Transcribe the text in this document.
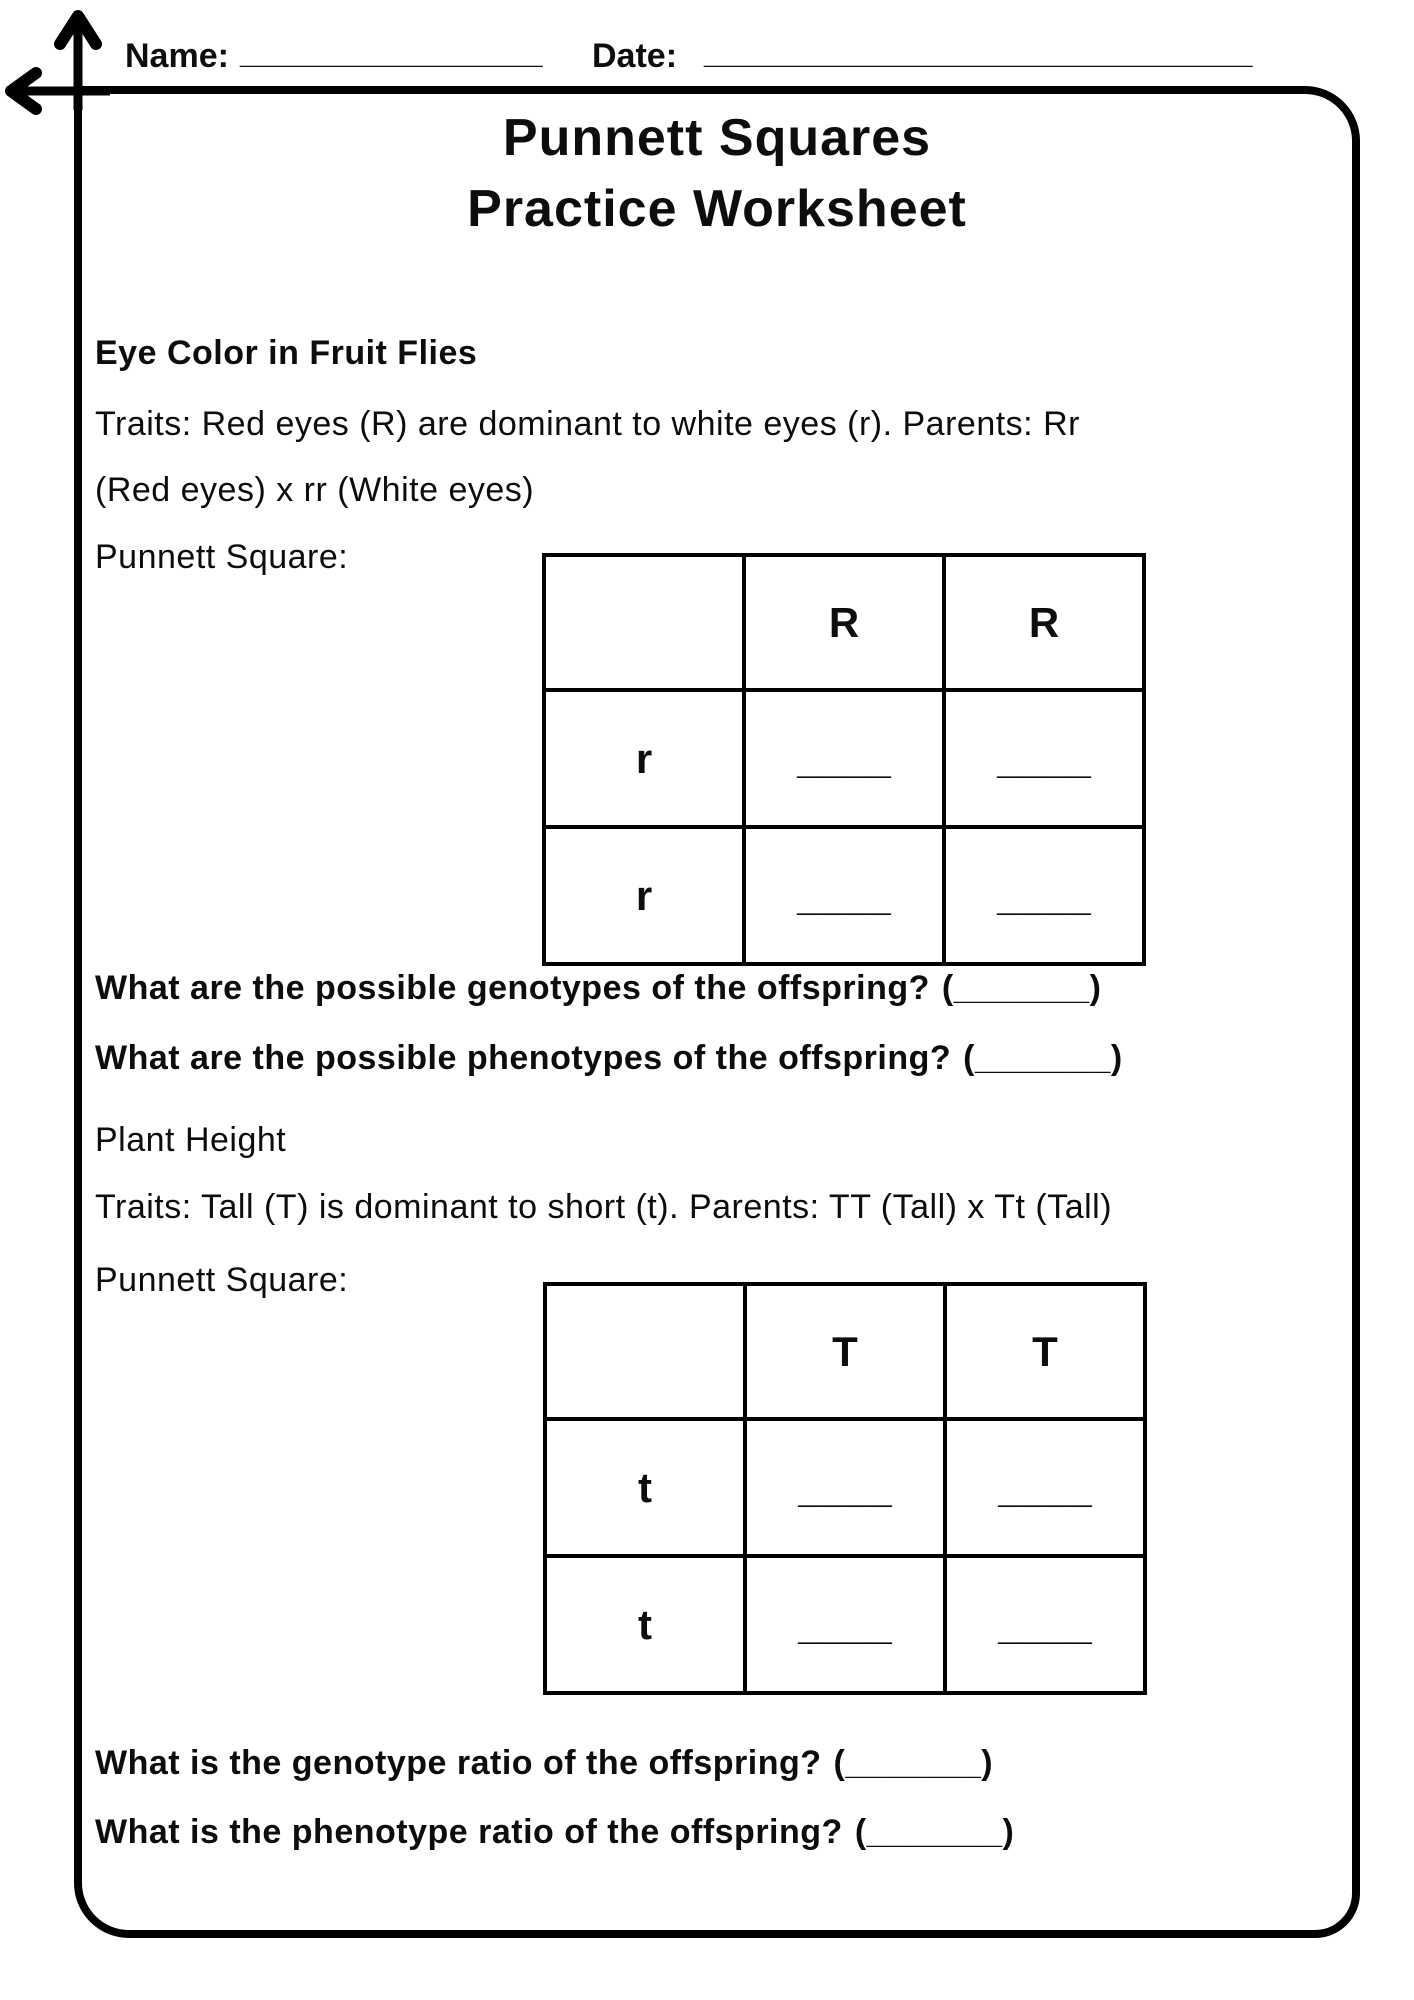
Name: ________________ Date: _____________________________
Punnett Squares
Practice Worksheet
Eye Color in Fruit Flies
Traits: Red eyes (R) are dominant to white eyes (r). Parents: Rr
(Red eyes) x rr (White eyes)
Punnett Square:
	R	R
r	____	____
r	____	____
What are the possible genotypes of the offspring? (_______)
What are the possible phenotypes of the offspring? (_______)
Plant Height
Traits: Tall (T) is dominant to short (t). Parents: TT (Tall) x Tt (Tall)
Punnett Square:
	T	T
t	____	____
t	____	____
What is the genotype ratio of the offspring? (_______)
What is the phenotype ratio of the offspring? (_______)
